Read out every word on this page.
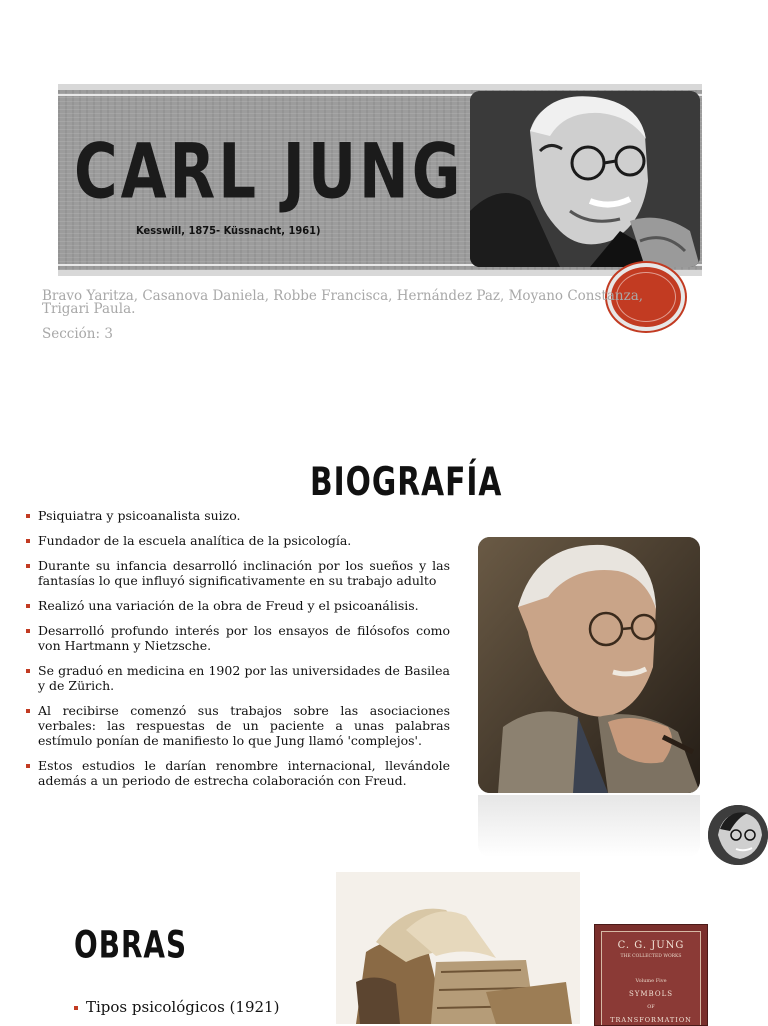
CARL JUNG
Kesswill, 1875- Küssnacht, 1961)
Bravo Yaritza, Casanova Daniela, Robbe Francisca, Hernández Paz, Moyano Constanza, Trigari Paula.
Sección: 3
BIOGRAFÍA
Psiquiatra y psicoanalista suizo.
Fundador de la escuela analítica de la psicología.
Durante su infancia desarrolló inclinación por los sueños y las fantasías lo que influyó significativamente en su trabajo adulto
Realizó una variación de la obra de Freud y el psicoanálisis.
Desarrolló profundo interés por los ensayos de filósofos como von Hartmann y Nietzsche.
Se graduó en medicina en 1902 por las universidades de Basilea y de Zürich.
Al recibirse comenzó sus trabajos sobre las asociaciones verbales: las respuestas de un paciente a unas palabras estímulo ponían de manifiesto lo que Jung llamó 'complejos'.
Estos estudios le darían renombre internacional, llevándole además a un periodo de estrecha colaboración con Freud.
C. G. JUNG
THE COLLECTED WORKS
Volume Five
SYMBOLS
OF
TRANSFORMATION
OBRAS
Tipos psicológicos (1921)
